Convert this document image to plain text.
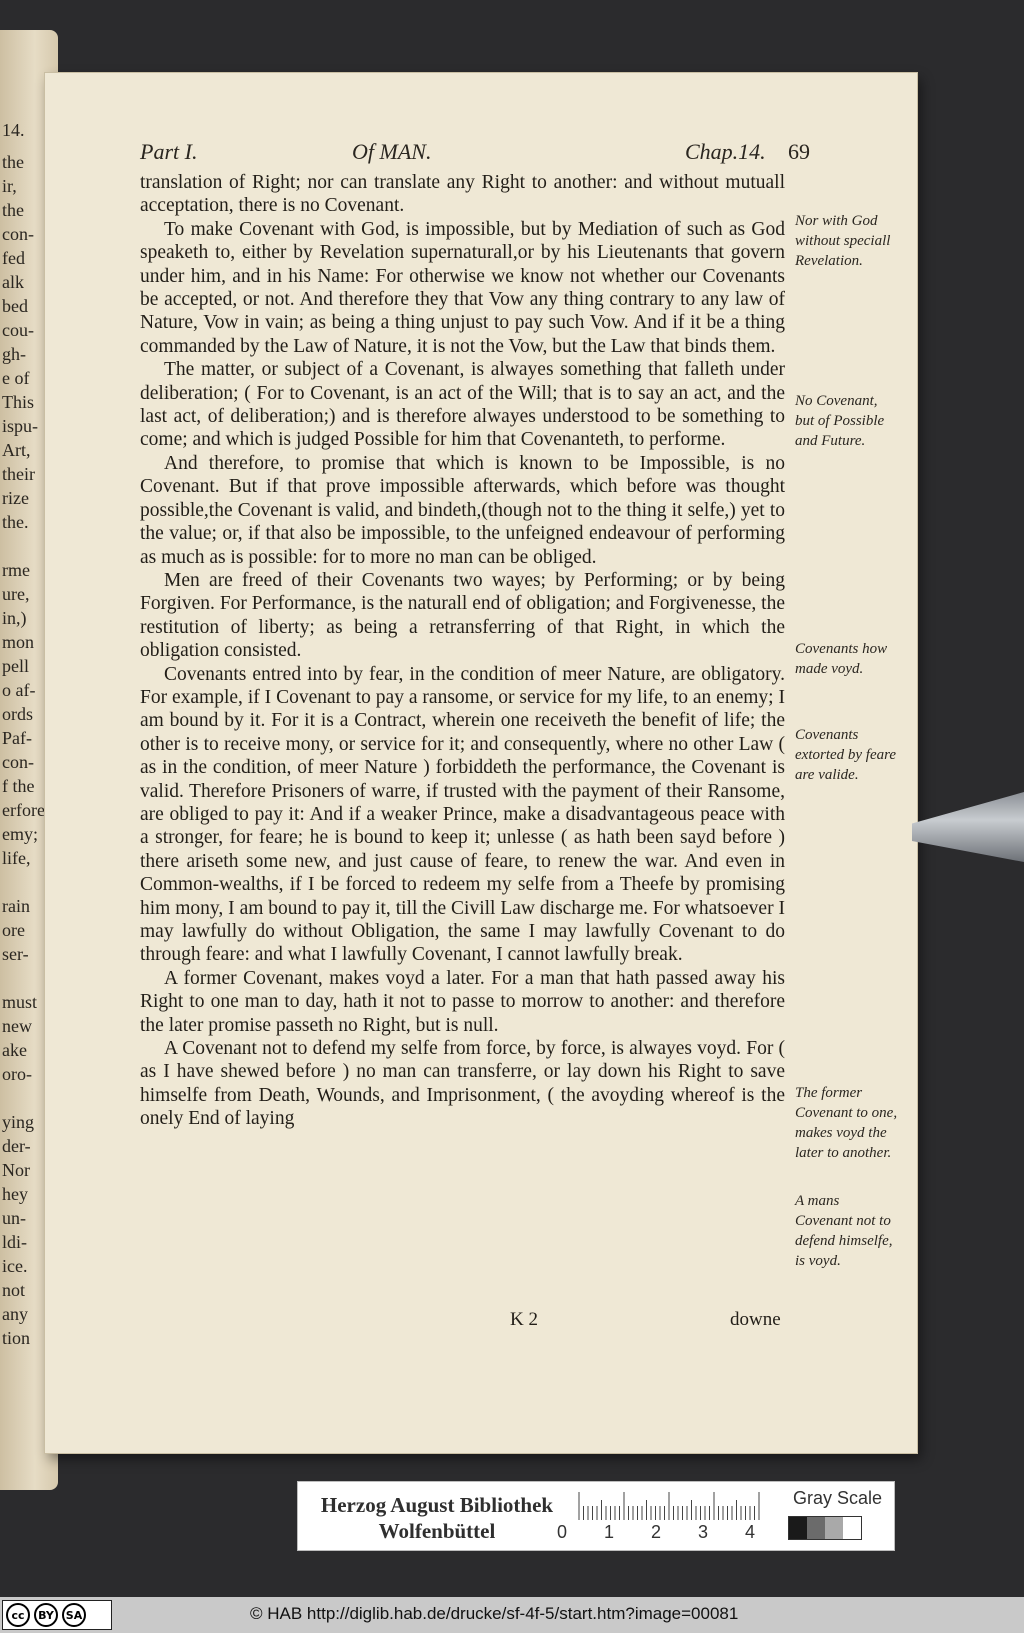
14.
the
ir,
the
con-
fed
alk
bed
cou-
gh-
e of
This
ispu-
Art,
their
rize
the.
rme
ure,
in,)
mon
pell
o af-
ords
Paf-
con-
f the
erfore
emy;
life,
rain
ore
ser-
must
new
ake
oro-
ying
der-
Nor
hey
un-
ldi-
ice.
not
any
tion
Part I.	Of MAN.	Chap.14. 69

translation of Right; nor can translate any Right to another: and without mutuall acceptation, there is no Covenant.

To make Covenant with God, is impossible, but by Mediation of such as God speaketh to, either by Revelation supernaturall,or by his Lieutenants that govern under him, and in his Name: For otherwise we know not whether our Covenants be accepted, or not. And therefore they that Vow any thing contrary to any law of Nature, Vow in vain; as being a thing unjust to pay such Vow. And if it be a thing commanded by the Law of Nature, it is not the Vow, but the Law that binds them.

The matter, or subject of a Covenant, is alwayes something that falleth under deliberation; ( For to Covenant, is an act of the Will; that is to say an act, and the last act, of deliberation;) and is therefore alwayes understood to be something to come; and which is judged Possible for him that Covenanteth, to performe.

And therefore, to promise that which is known to be Impossible, is no Covenant. But if that prove impossible afterwards, which before was thought possible,the Covenant is valid, and bindeth,(though not to the thing it selfe,) yet to the value; or, if that also be impossible, to the unfeigned endeavour of performing as much as is possible: for to more no man can be obliged.

Men are freed of their Covenants two wayes; by Performing; or by being Forgiven. For Performance, is the naturall end of obligation; and Forgivenesse, the restitution of liberty; as being a retransferring of that Right, in which the obligation consisted.

Covenants entred into by fear, in the condition of meer Nature, are obligatory. For example, if I Covenant to pay a ransome, or service for my life, to an enemy; I am bound by it. For it is a Contract, wherein one receiveth the benefit of life; the other is to receive mony, or service for it; and consequently, where no other Law ( as in the condition, of meer Nature ) forbiddeth the performance, the Covenant is valid. Therefore Prisoners of warre, if trusted with the payment of their Ransome, are obliged to pay it: And if a weaker Prince, make a disadvantageous peace with a stronger, for feare; he is bound to keep it; unlesse ( as hath been sayd before ) there ariseth some new, and just cause of feare, to renew the war. And even in Common-wealths, if I be forced to redeem my selfe from a Theefe by promising him mony, I am bound to pay it, till the Civill Law discharge me. For whatsoever I may lawfully do without Obligation, the same I may lawfully Covenant to do through feare: and what I lawfully Covenant, I cannot lawfully break.

A former Covenant, makes voyd a later. For a man that hath passed away his Right to one man to day, hath it not to passe to morrow to another: and therefore the later promise passeth no Right, but is null.

A Covenant not to defend my selfe from force, by force, is alwayes voyd. For ( as I have shewed before ) no man can transferre, or lay down his Right to save himselfe from Death, Wounds, and Imprisonment, ( the avoyding whereof is the onely End of laying

Nor with God without speciall Revelation.
No Covenant, but of Possible and Future.
Covenants how made voyd.
Covenants extorted by feare are valide.
The former Covenant to one, makes voyd the later to another.
A mans Covenant not to defend himselfe, is voyd.
K 2	downe
Herzog August Bibliothek
Wolfenbüttel	0 1 2 3 4
Gray Scale
cc	BY	SA	© HAB http://diglib.hab.de/drucke/sf-4f-5/start.htm?image=00081
